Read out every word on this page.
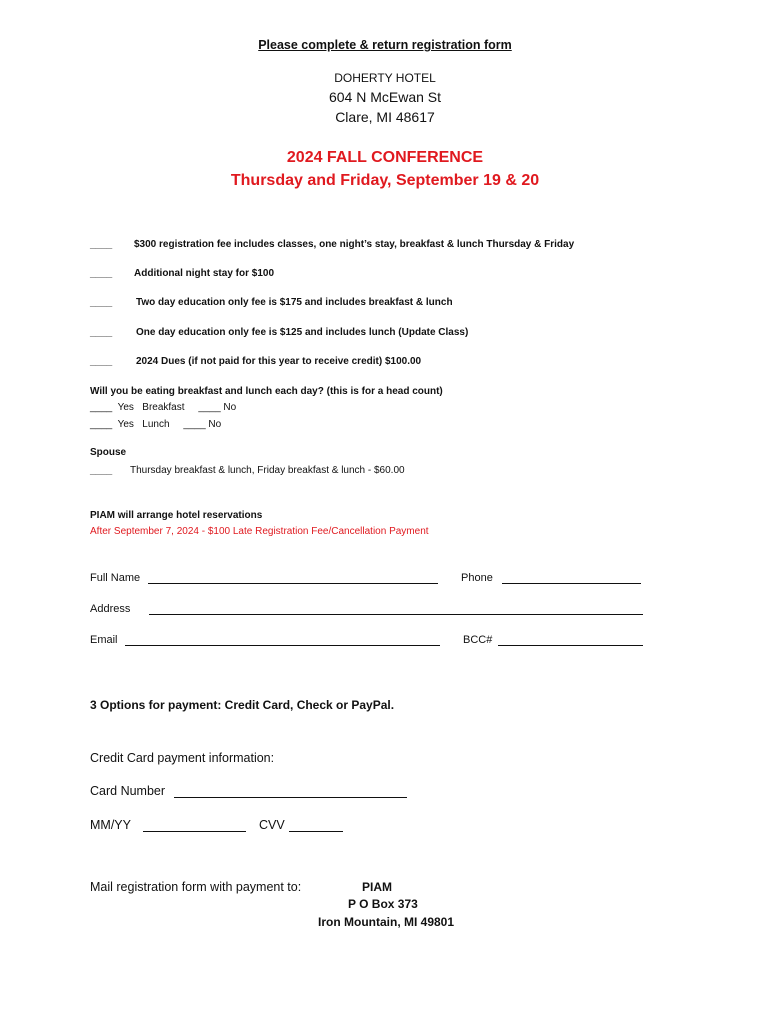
Please complete & return registration form
DOHERTY HOTEL
604 N McEwan St
Clare, MI 48617
2024 FALL CONFERENCE
Thursday and Friday, September 19 & 20
____ $300 registration fee includes classes, one night’s stay, breakfast & lunch Thursday & Friday
____ Additional night stay for $100
____ Two day education only fee is $175 and includes breakfast & lunch
____ One day education only fee is $125 and includes lunch (Update Class)
____ 2024 Dues (if not paid for this year to receive credit) $100.00
Will you be eating breakfast and lunch each day? (this is for a head count)
____  Yes   Breakfast     ____ No
____  Yes   Lunch     ____ No
Spouse
____ Thursday breakfast & lunch, Friday breakfast & lunch - $60.00
PIAM will arrange hotel reservations
After September 7, 2024 - $100 Late Registration Fee/Cancellation Payment
Full Name	Phone
Address
Email	BCC#
3 Options for payment: Credit Card, Check or PayPal.
Credit Card payment information:
Card Number
MM/YY	CVV
Mail registration form with payment to:	PIAM
P O Box 373
Iron Mountain, MI 49801
